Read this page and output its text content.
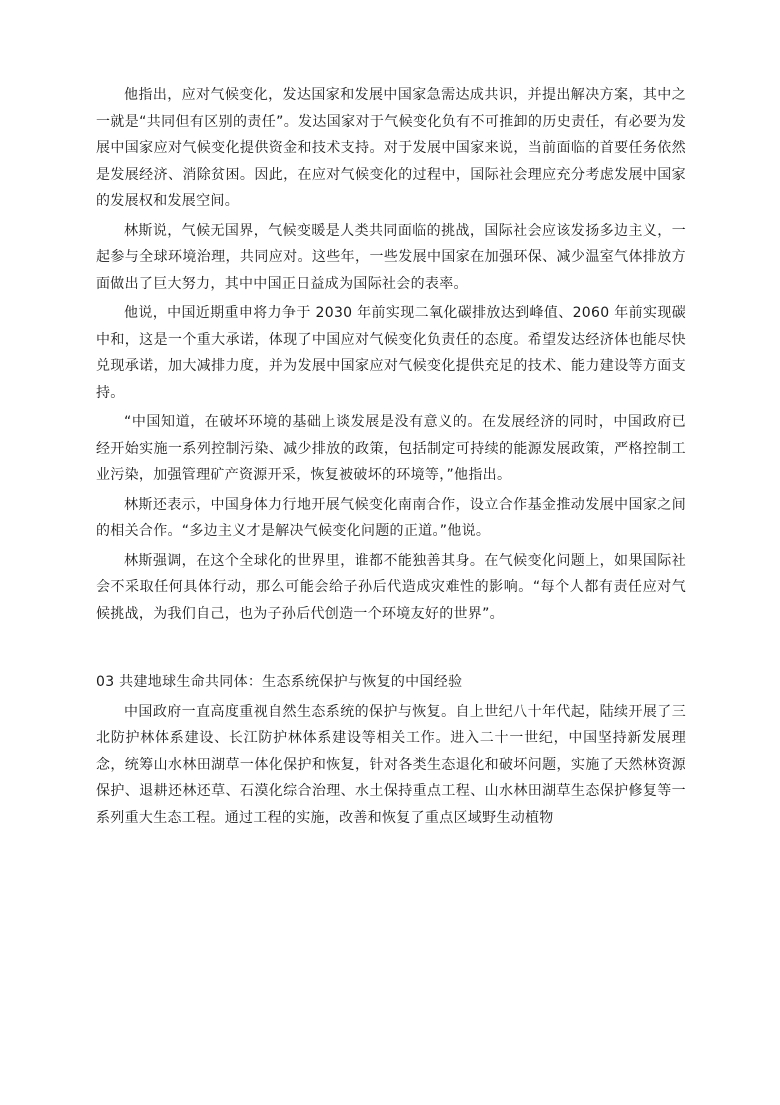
他指出，应对气候变化，发达国家和发展中国家急需达成共识，并提出解决方案，其中之一就是“共同但有区别的责任”。发达国家对于气候变化负有不可推卸的历史责任，有必要为发展中国家应对气候变化提供资金和技术支持。对于发展中国家来说，当前面临的首要任务依然是发展经济、消除贫困。因此，在应对气候变化的过程中，国际社会理应充分考虑发展中国家的发展权和发展空间。

林斯说，气候无国界，气候变暖是人类共同面临的挑战，国际社会应该发扬多边主义，一起参与全球环境治理，共同应对。这些年，一些发展中国家在加强环保、减少温室气体排放方面做出了巨大努力，其中中国正日益成为国际社会的表率。

他说，中国近期重申将力争于 2030 年前实现二氧化碳排放达到峰值、2060 年前实现碳中和，这是一个重大承诺，体现了中国应对气候变化负责任的态度。希望发达经济体也能尽快兑现承诺，加大减排力度，并为发展中国家应对气候变化提供充足的技术、能力建设等方面支持。

“中国知道，在破坏环境的基础上谈发展是没有意义的。在发展经济的同时，中国政府已经开始实施一系列控制污染、减少排放的政策，包括制定可持续的能源发展政策，严格控制工业污染，加强管理矿产资源开采，恢复被破坏的环境等，”他指出。

林斯还表示，中国身体力行地开展气候变化南南合作，设立合作基金推动发展中国家之间的相关合作。“多边主义才是解决气候变化问题的正道。”他说。

林斯强调，在这个全球化的世界里，谁都不能独善其身。在气候变化问题上，如果国际社会不采取任何具体行动，那么可能会给子孙后代造成灾难性的影响。“每个人都有责任应对气候挑战，为我们自己，也为子孙后代创造一个环境友好的世界”。

03 共建地球生命共同体：生态系统保护与恢复的中国经验

中国政府一直高度重视自然生态系统的保护与恢复。自上世纪八十年代起，陆续开展了三北防护林体系建设、长江防护林体系建设等相关工作。进入二十一世纪，中国坚持新发展理念，统筹山水林田湖草一体化保护和恢复，针对各类生态退化和破坏问题，实施了天然林资源保护、退耕还林还草、石漠化综合治理、水土保持重点工程、山水林田湖草生态保护修复等一系列重大生态工程。通过工程的实施，改善和恢复了重点区域野生动植物
